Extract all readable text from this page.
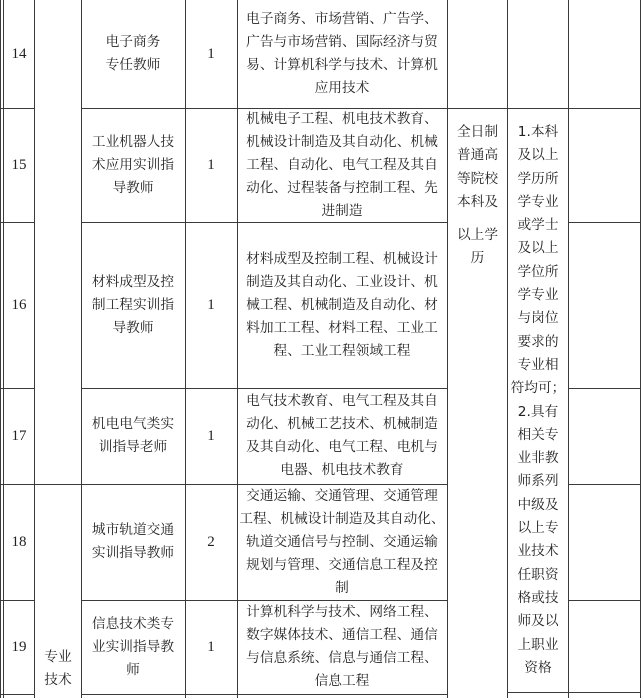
14
电子商务
专任教师
1
电子商务、市场营销、广告学、
广告与市场营销、国际经济与贸
易、计算机科学与技术、计算机
应用技术
15
工业机器人技
术应用实训指
导教师
1
机械电子工程、机电技术教育、
机械设计制造及其自动化、机械
工程、自动化、电气工程及其自
动化、过程装备与控制工程、先
进制造
16
材料成型及控
制工程实训指
导教师
1
材料成型及控制工程、机械设计
制造及其自动化、工业设计、机
械工程、机械制造及自动化、材
料加工工程、材料工程、工业工
程、工业工程领域工程
17
机电电气类实
训指导老师
1
电气技术教育、电气工程及其自
动化、机械工艺技术、机械制造
及其自动化、电气工程、电机与
电器、机电技术教育
18
城市轨道交通
实训指导教师
2
交通运输、交通管理、交通管理
工程、机械设计制造及其自动化、
轨道交通信号与控制、交通运输
规划与管理、交通信息工程及控
制
19
信息技术类专
业实训指导教
师
1
计算机科学与技术、网络工程、
数字媒体技术、通信工程、通信
与信息系统、信息与通信工程、
信息工程
专业
技术
全日制
普通高
等院校
本科及
以上学
历
1.本科
及以上
学历所
学专业
或学士
及以上
学位所
学专业
与岗位
要求的
专业相
符均可；
2.具有
相关专
业非教
师系列
中级及
以上专
业技术
任职资
格或技
师及以
上职业
资格
